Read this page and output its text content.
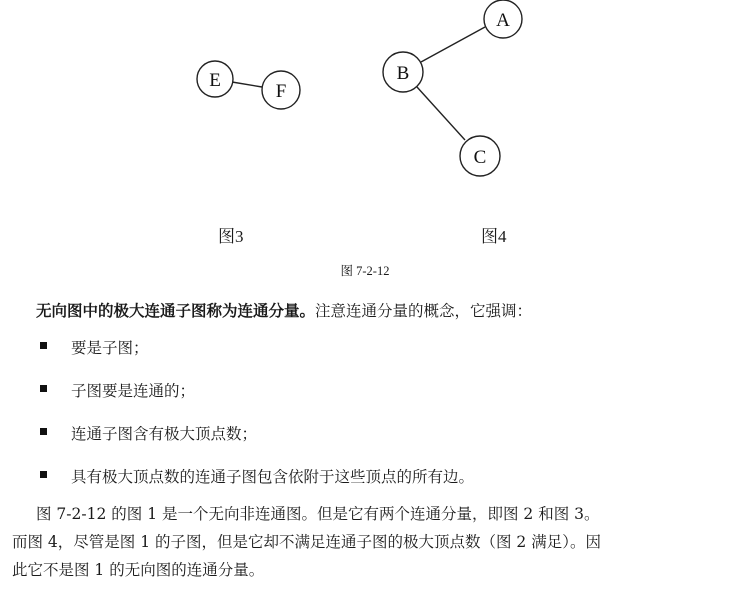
E
F
A
B
C
图3	图4
图 7-2-12
无向图中的极大连通子图称为连通分量。注意连通分量的概念，它强调：
要是子图；
子图要是连通的；
连通子图含有极大顶点数；
具有极大顶点数的连通子图包含依附于这些顶点的所有边。
图 7-2-12 的图 1 是一个无向非连通图。但是它有两个连通分量，即图 2 和图 3。
而图 4，尽管是图 1 的子图，但是它却不满足连通子图的极大顶点数（图 2 满足）。因
此它不是图 1 的无向图的连通分量。
